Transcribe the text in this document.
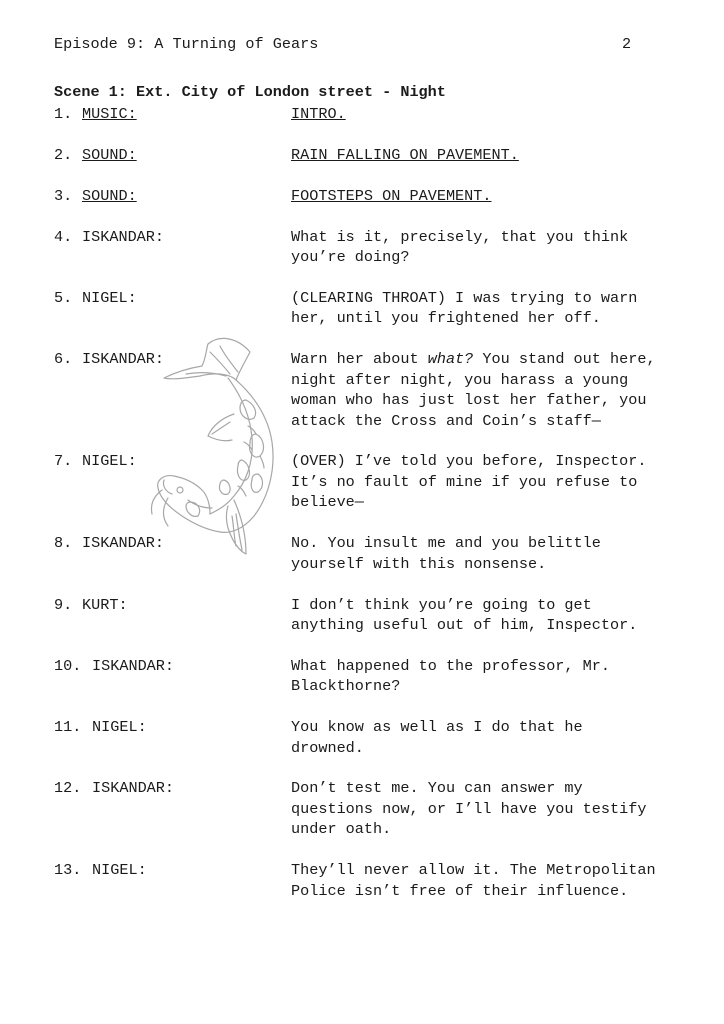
Episode 9: A Turning of Gears	2
Scene 1: Ext. City of London street - Night
1. MUSIC:	INTRO.
2. SOUND:	RAIN FALLING ON PAVEMENT.
3. SOUND:	FOOTSTEPS ON PAVEMENT.
4. ISKANDAR:	What is it, precisely, that you think
you’re doing?
5. NIGEL:	(CLEARING THROAT) I was trying to warn
her, until you frightened her off.
6. ISKANDAR:	Warn her about what? You stand out here,
night after night, you harass a young
woman who has just lost her father, you
attack the Cross and Coin’s staff—
7. NIGEL:	(OVER) I’ve told you before, Inspector.
It’s no fault of mine if you refuse to
believe—
8. ISKANDAR:	No. You insult me and you belittle
yourself with this nonsense.
9. KURT:	I don’t think you’re going to get
anything useful out of him, Inspector.
10. ISKANDAR:	What happened to the professor, Mr.
Blackthorne?
11. NIGEL:	You know as well as I do that he
drowned.
12. ISKANDAR:	Don’t test me. You can answer my
questions now, or I’ll have you testify
under oath.
13. NIGEL:	They’ll never allow it. The Metropolitan
Police isn’t free of their influence.
